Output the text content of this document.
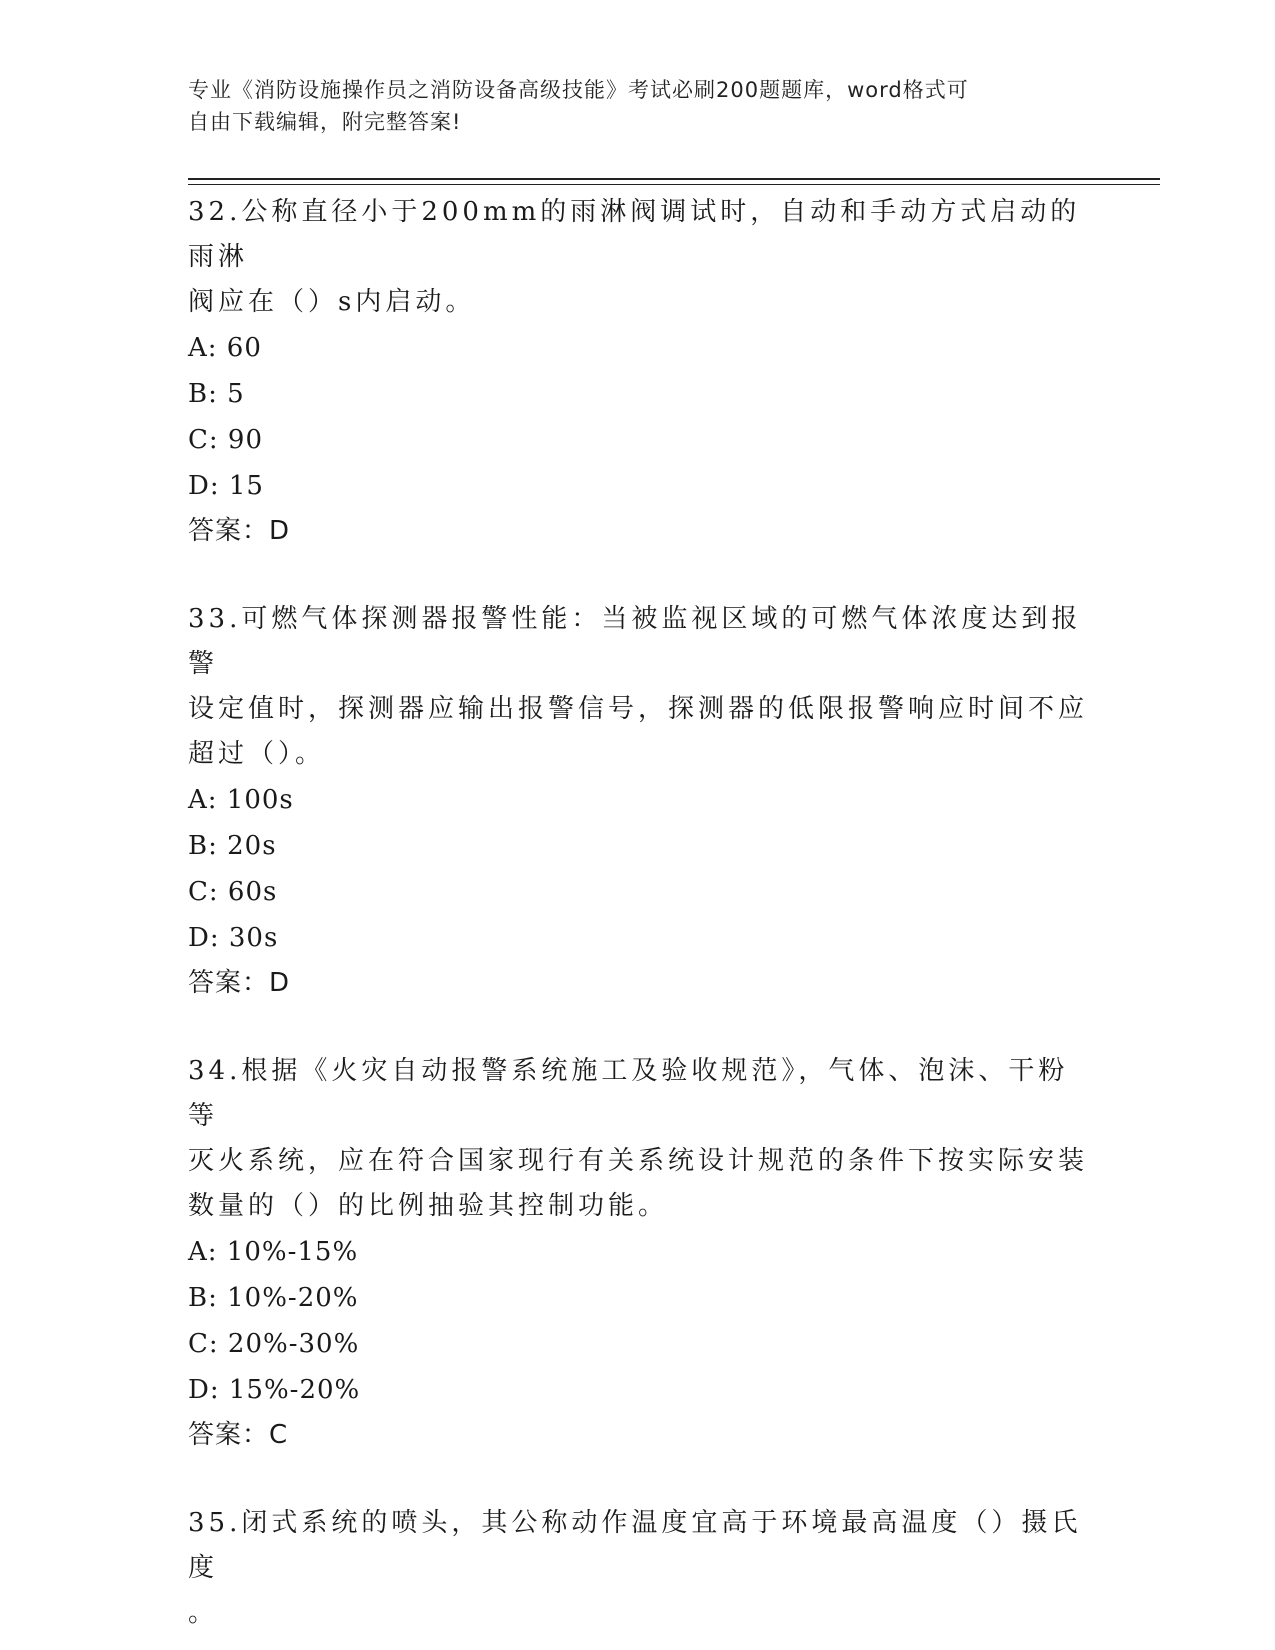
专业《消防设施操作员之消防设备高级技能》考试必刷200题题库，word格式可
自由下载编辑，附完整答案!
32.公称直径小于200mm的雨淋阀调试时，自动和手动方式启动的雨淋
阀应在（）s内启动。
A: 60
B: 5
C: 90
D: 15
答案：D
33.可燃气体探测器报警性能：当被监视区域的可燃气体浓度达到报警
设定值时，探测器应输出报警信号，探测器的低限报警响应时间不应
超过（）。
A: 100s
B: 20s
C: 60s
D: 30s
答案：D
34.根据《火灾自动报警系统施工及验收规范》，气体、泡沫、干粉等
灭火系统，应在符合国家现行有关系统设计规范的条件下按实际安装
数量的（）的比例抽验其控制功能。
A: 10%-15%
B: 10%-20%
C: 20%-30%
D: 15%-20%
答案：C
35.闭式系统的喷头，其公称动作温度宜高于环境最高温度（）摄氏度
。
